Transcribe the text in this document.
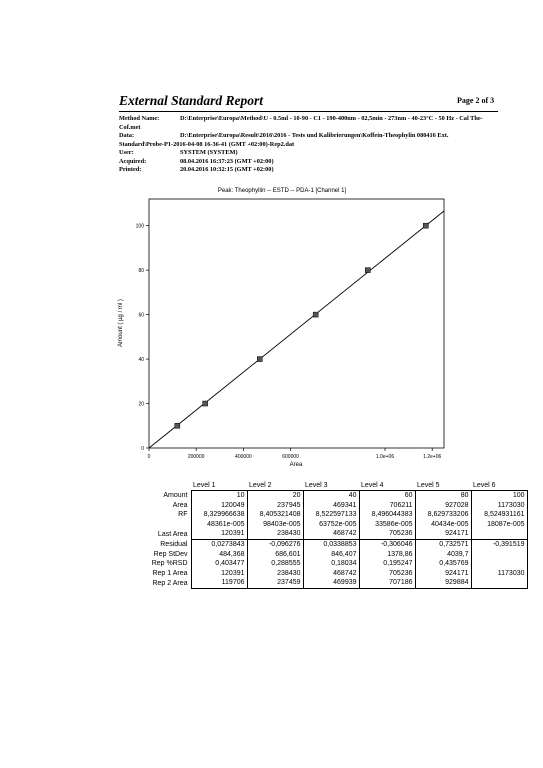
External Standard Report	Page 2 of 3
Method Name:	D:\Enterprise\Europa\Method\U - 0.5ml - 10-90 - C1 - 190-400nm - 02,5min - 273nm - 40-23°C - 50 Hz - Cal The-Cof.met
Data:	D:\Enterprise\Europa\Result\2016\2016 - Tests und Kalibrierungen\Koffein-Theophylin 080416 Ext. Standard\Probe-P1-2016-04-08 16-36-41 (GMT +02:00)-Rep2.dat
User:	SYSTEM (SYSTEM)
Acquired:	08.04.2016 16:37:23 (GMT +02:00)
Printed:	20.04.2016 10:32:15 (GMT +02:00)
Peak: Theophyllin -- ESTD -- PDA-1 [Channel 1]
0	200000	400000	600000	1.0e+06	1.2e+06
0
20
40
60
80
100
Area
Amount ( µg / ml )
	Level 1	Level 2	Level 3	Level 4	Level 5	Level 6
Amount	10	20	40	60	80	100
Area	120049	237945	469341	706211	927028	1173030
RF	8,329966638	8,405321408	8,522597133	8,496044383	8,629733206	8,524931161
	48361e-005	98403e-005	63752e-005	33586e-005	40434e-005	18087e-005
Last Area	120391	238430	468742	705236	924171	
Residual	0,0273843	-0,096276	0,0338853	-0,306046	0,732571	-0,391519
Rep StDev	484,368	686,601	846,407	1378,86	4039,7	
Rep %RSD	0,403477	0,288555	0,18034	0,195247	0,435769	
Rep 1 Area	120391	238430	468742	705236	924171	1173030
Rep 2 Area	119706	237459	469939	707186	929884	
